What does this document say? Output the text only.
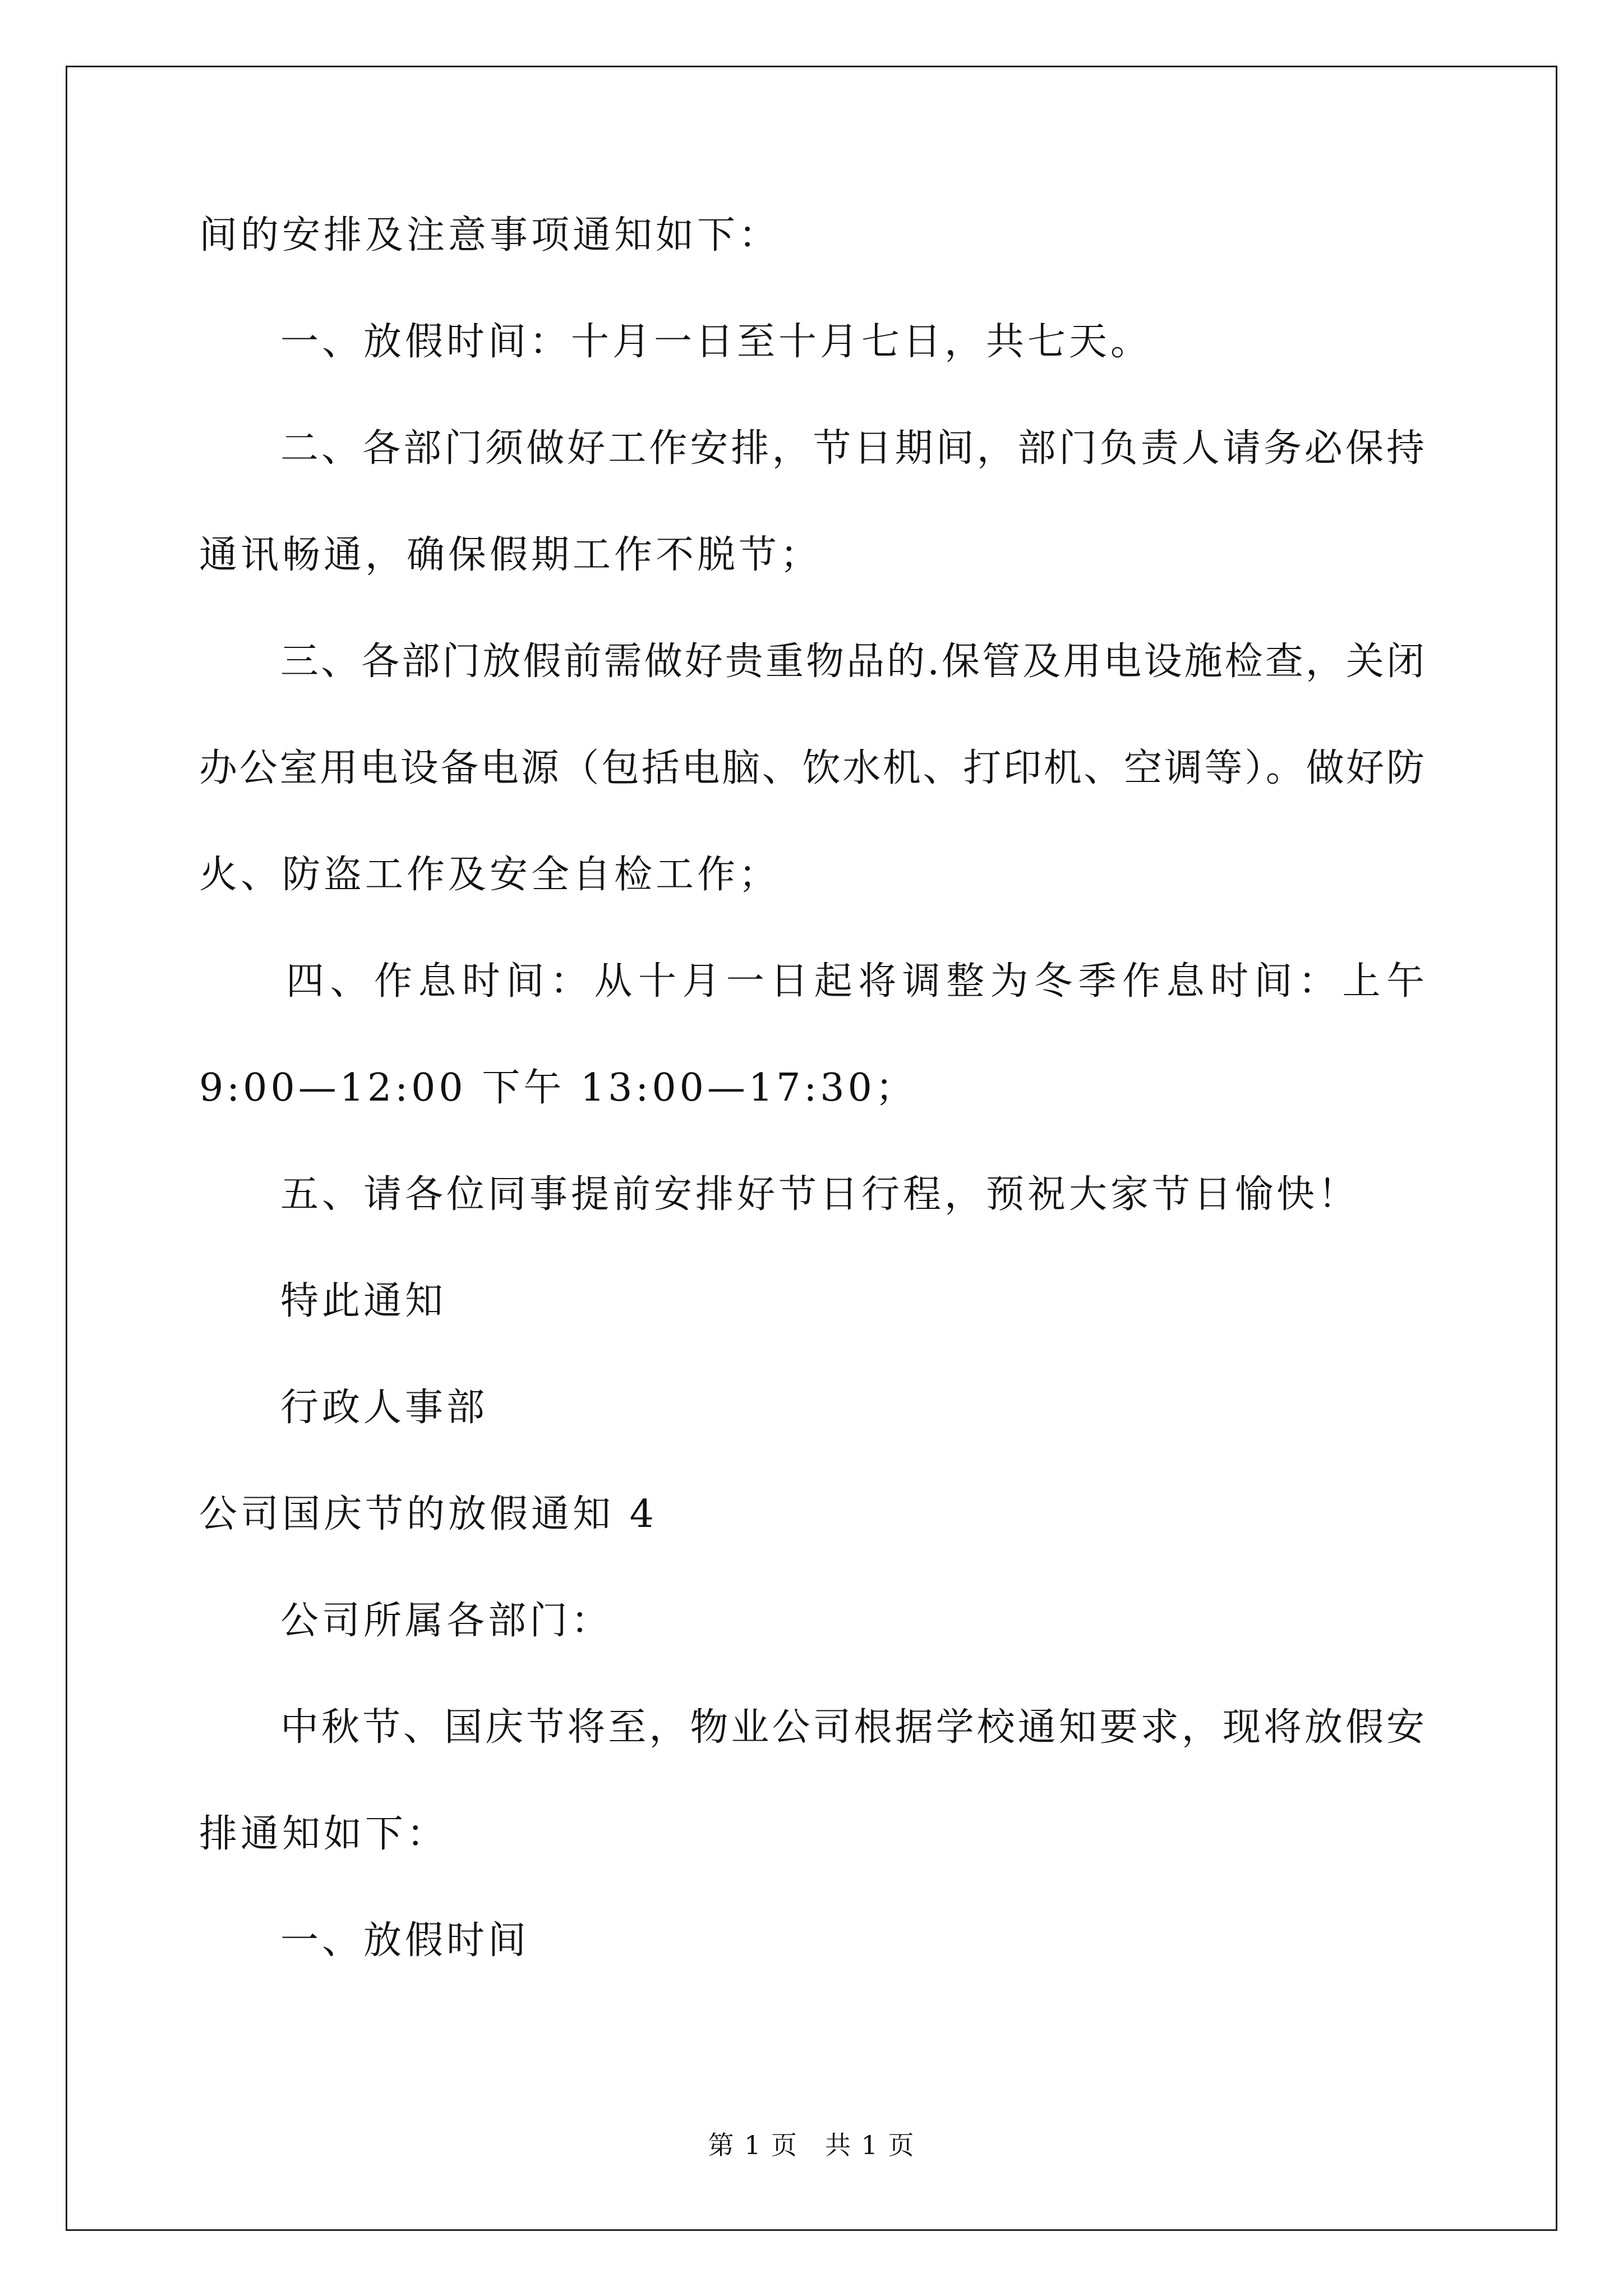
间的安排及注意事项通知如下：
一、放假时间：十月一日至十月七日，共七天。
二、各部门须做好工作安排，节日期间，部门负责人请务必保持
通讯畅通，确保假期工作不脱节；
三、各部门放假前需做好贵重物品的.保管及用电设施检查，关闭
办公室用电设备电源（包括电脑、饮水机、打印机、空调等）。做好防
火、防盗工作及安全自检工作；
四、作息时间：从十月一日起将调整为冬季作息时间：上午
9:00—12:00 下午 13:00—17:30；
五、请各位同事提前安排好节日行程，预祝大家节日愉快！
特此通知
行政人事部
公司国庆节的放假通知 4
公司所属各部门：
中秋节、国庆节将至，物业公司根据学校通知要求，现将放假安
排通知如下：
一、放假时间
第 1 页　共 1 页
